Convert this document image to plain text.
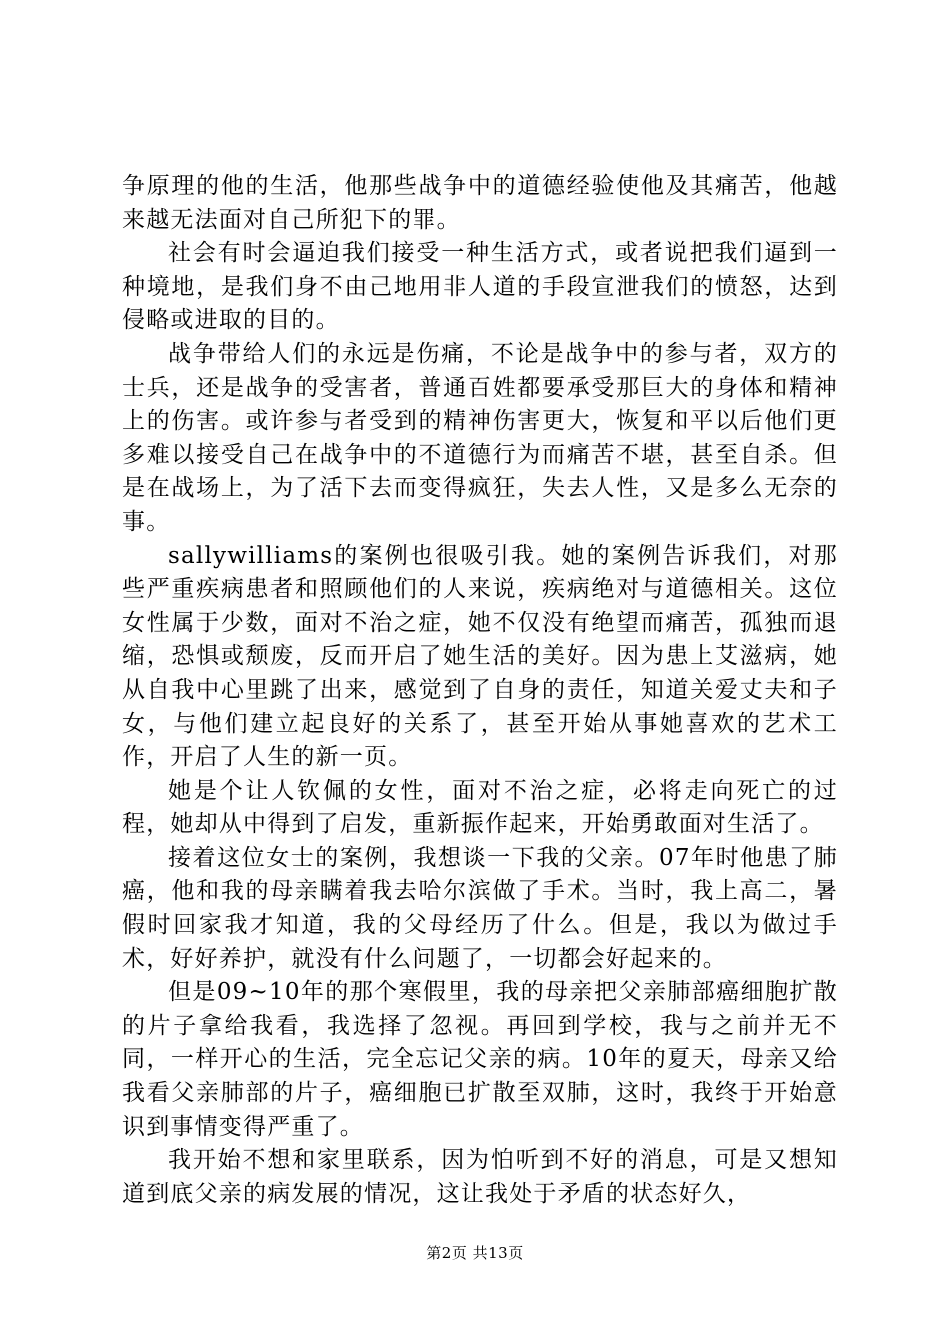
争原理的他的生活，他那些战争中的道德经验使他及其痛苦，他越来越无法面对自己所犯下的罪。

社会有时会逼迫我们接受一种生活方式，或者说把我们逼到一种境地，是我们身不由己地用非人道的手段宣泄我们的愤怒，达到侵略或进取的目的。

战争带给人们的永远是伤痛，不论是战争中的参与者，双方的士兵，还是战争的受害者，普通百姓都要承受那巨大的身体和精神上的伤害。或许参与者受到的精神伤害更大，恢复和平以后他们更多难以接受自己在战争中的不道德行为而痛苦不堪，甚至自杀。但是在战场上，为了活下去而变得疯狂，失去人性，又是多么无奈的事。

sallywilliams的案例也很吸引我。她的案例告诉我们，对那些严重疾病患者和照顾他们的人来说，疾病绝对与道德相关。这位女性属于少数，面对不治之症，她不仅没有绝望而痛苦，孤独而退缩，恐惧或颓废，反而开启了她生活的美好。因为患上艾滋病，她从自我中心里跳了出来，感觉到了自身的责任，知道关爱丈夫和子女，与他们建立起良好的关系了，甚至开始从事她喜欢的艺术工作，开启了人生的新一页。

她是个让人钦佩的女性，面对不治之症，必将走向死亡的过程，她却从中得到了启发，重新振作起来，开始勇敢面对生活了。

接着这位女士的案例，我想谈一下我的父亲。07年时他患了肺癌，他和我的母亲瞒着我去哈尔滨做了手术。当时，我上高二，暑假时回家我才知道，我的父母经历了什么。但是，我以为做过手术，好好养护，就没有什么问题了，一切都会好起来的。

但是09~10年的那个寒假里，我的母亲把父亲肺部癌细胞扩散的片子拿给我看，我选择了忽视。再回到学校，我与之前并无不同，一样开心的生活，完全忘记父亲的病。10年的夏天，母亲又给我看父亲肺部的片子，癌细胞已扩散至双肺，这时，我终于开始意识到事情变得严重了。

我开始不想和家里联系，因为怕听到不好的消息，可是又想知道到底父亲的病发展的情况，这让我处于矛盾的状态好久，

第2页 共13页
